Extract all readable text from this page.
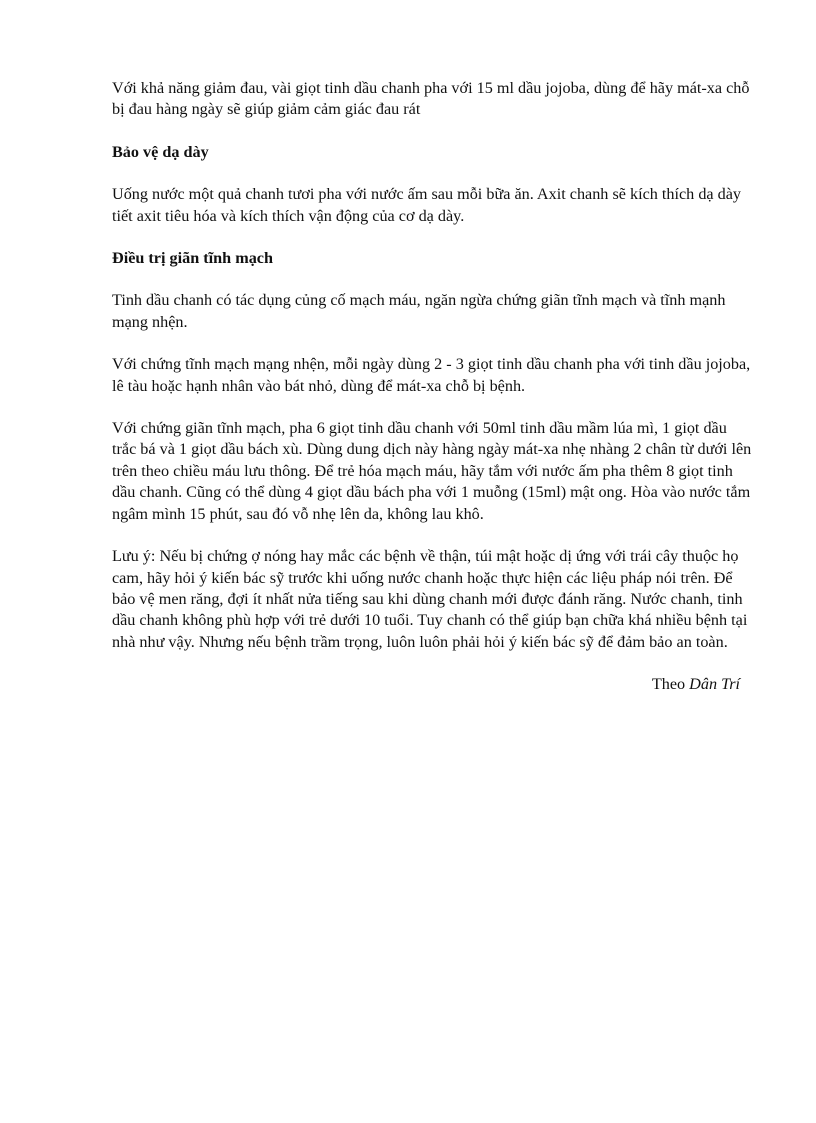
Với khả năng giảm đau, vài giọt tinh dầu chanh pha với 15 ml dầu jojoba, dùng để hãy mát-xa chỗ bị đau hàng ngày sẽ giúp giảm cảm giác đau rát

Bảo vệ dạ dày

Uống nước một quả chanh tươi pha với nước ấm sau mỗi bữa ăn. Axit chanh sẽ kích thích dạ dày tiết axit tiêu hóa và kích thích vận động của cơ dạ dày.

Điều trị giãn tĩnh mạch

Tinh dầu chanh có tác dụng củng cố mạch máu, ngăn ngừa chứng giãn tĩnh mạch và tĩnh mạnh mạng nhện.

Với chứng tĩnh mạch mạng nhện, mỗi ngày dùng 2 - 3 giọt tinh dầu chanh pha với tinh dầu jojoba, lê tàu hoặc hạnh nhân vào bát nhỏ, dùng để mát-xa chỗ bị bệnh.

Với chứng giãn tĩnh mạch, pha 6 giọt tinh dầu chanh với 50ml tinh dầu mầm lúa mì, 1 giọt dầu trắc bá và 1 giọt dầu bách xù. Dùng dung dịch này hàng ngày mát-xa nhẹ nhàng 2 chân từ dưới lên trên theo chiều máu lưu thông. Để trẻ hóa mạch máu, hãy tắm với nước ấm pha thêm 8 giọt tinh dầu chanh. Cũng có thể dùng 4 giọt dầu bách pha với 1 muỗng (15ml) mật ong. Hòa vào nước tắm ngâm mình 15 phút, sau đó vỗ nhẹ lên da, không lau khô.

Lưu ý: Nếu bị chứng ợ nóng hay mắc các bệnh về thận, túi mật hoặc dị ứng với trái cây thuộc họ cam, hãy hỏi ý kiến bác sỹ trước khi uống nước chanh hoặc thực hiện các liệu pháp nói trên. Để bảo vệ men răng, đợi ít nhất nửa tiếng sau khi dùng chanh mới được đánh răng. Nước chanh, tinh dầu chanh không phù hợp với trẻ dưới 10 tuổi. Tuy chanh có thể giúp bạn chữa khá nhiều bệnh tại nhà như vậy. Nhưng nếu bệnh trầm trọng, luôn luôn phải hỏi ý kiến bác sỹ để đảm bảo an toàn.

Theo Dân Trí
